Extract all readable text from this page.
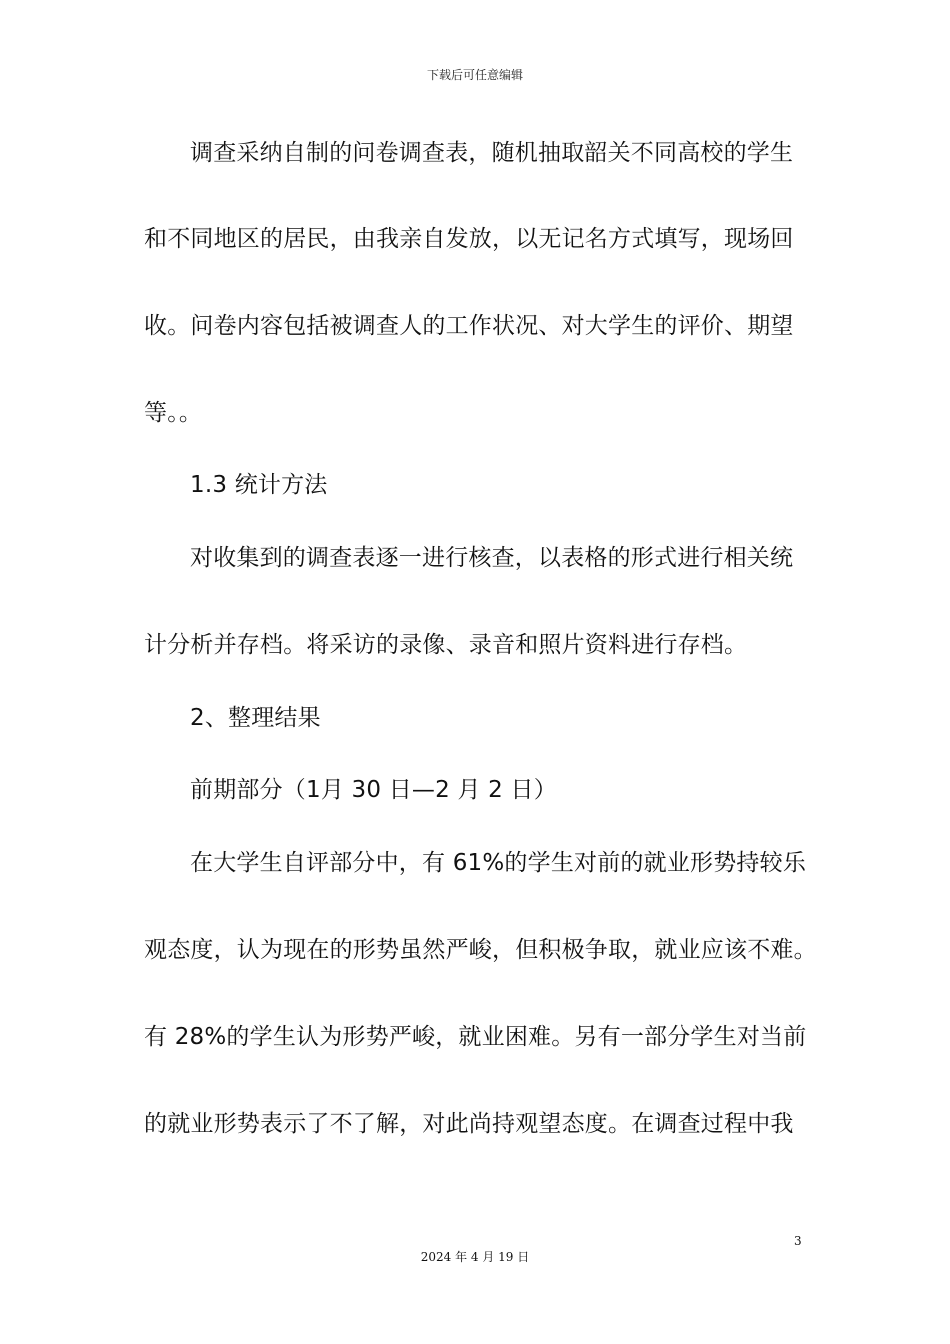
下载后可任意编辑
调查采纳自制的问卷调查表，随机抽取韶关不同高校的学生
和不同地区的居民，由我亲自发放，以无记名方式填写，现场回
收。问卷内容包括被调查人的工作状况、对大学生的评价、期望
等。。
1.3 统计方法
对收集到的调查表逐一进行核查，以表格的形式进行相关统
计分析并存档。将采访的录像、录音和照片资料进行存档。
2、整理结果
前期部分（1月 30 日—2 月 2 日）
在大学生自评部分中，有 61%的学生对前的就业形势持较乐
观态度，认为现在的形势虽然严峻，但积极争取，就业应该不难。
有 28%的学生认为形势严峻，就业困难。另有一部分学生对当前
的就业形势表示了不了解，对此尚持观望态度。在调查过程中我
3
2024 年 4 月 19 日
